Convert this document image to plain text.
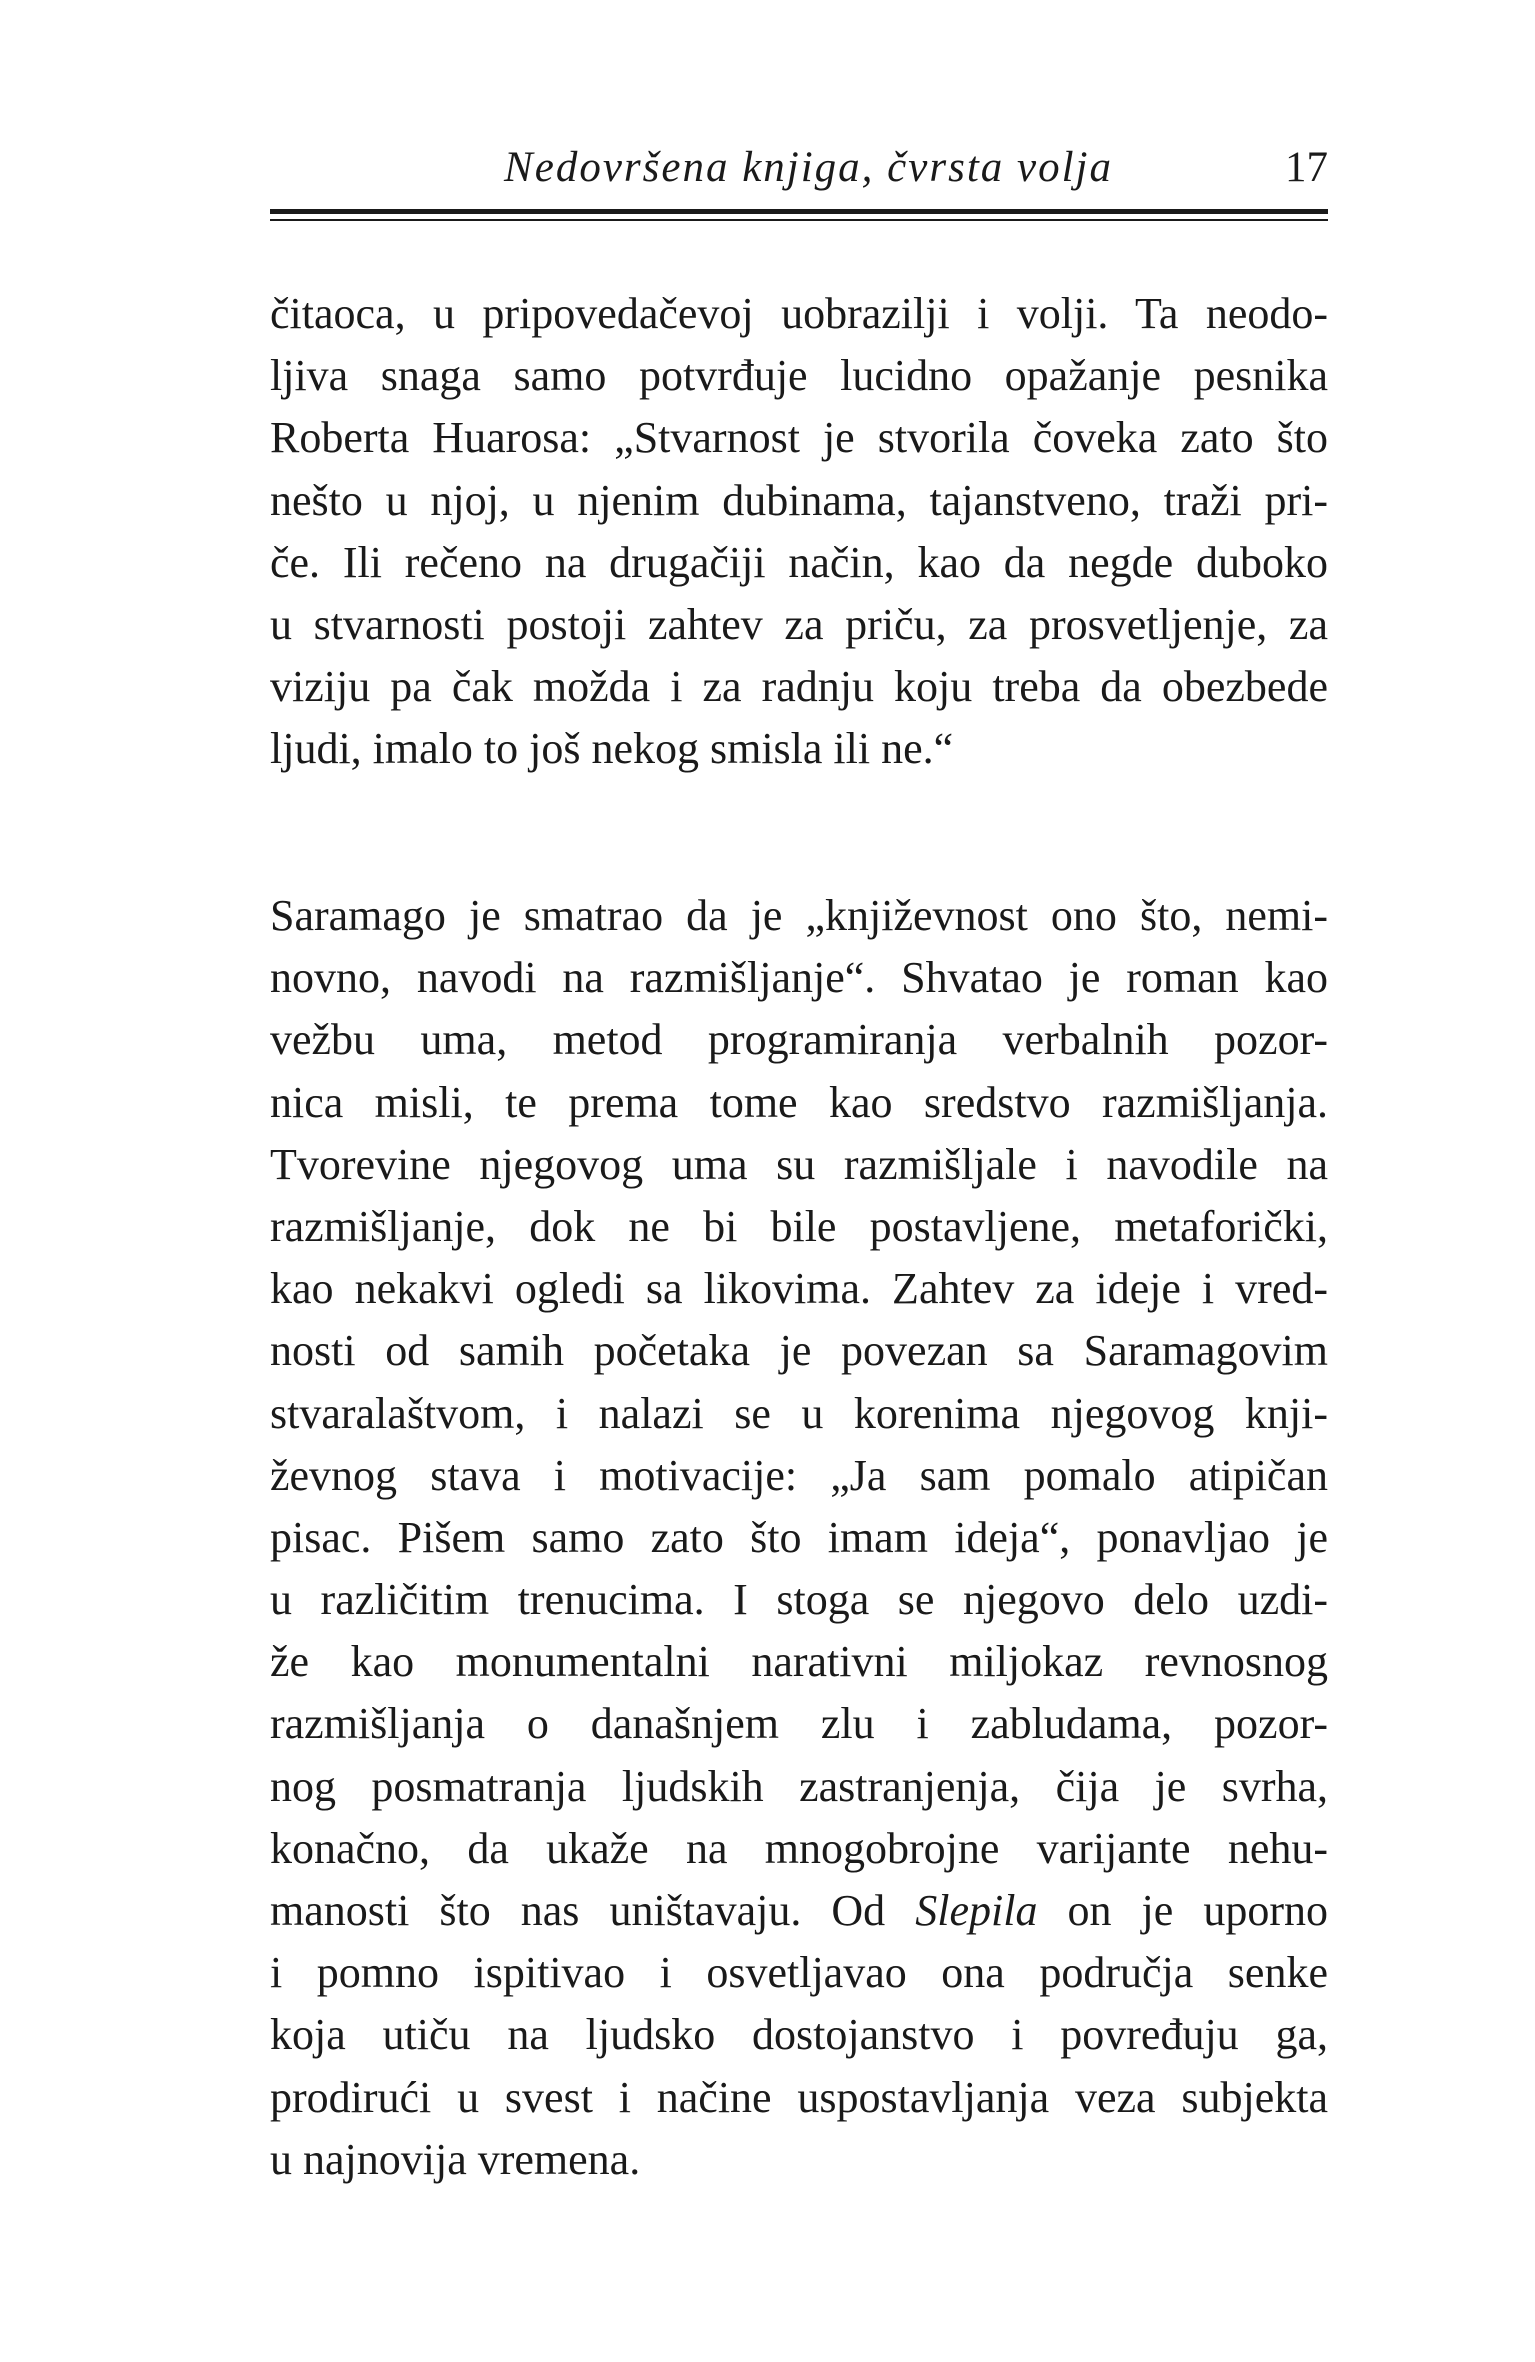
Nedovršena knjiga, čvrsta volja	17
čitaoca, u pripovedačevoj uobrazilji i volji. Ta neodo-
ljiva snaga samo potvrđuje lucidno opažanje pesnika
Roberta Huarosa: „Stvarnost je stvorila čoveka zato što
nešto u njoj, u njenim dubinama, tajanstveno, traži pri-
če. Ili rečeno na drugačiji način, kao da negde duboko
u stvarnosti postoji zahtev za priču, za prosvetljenje, za
viziju pa čak možda i za radnju koju treba da obezbede
ljudi, imalo to još nekog smisla ili ne.“
Saramago je smatrao da je „književnost ono što, nemi-
novno, navodi na razmišljanje“. Shvatao je roman kao
vežbu uma, metod programiranja verbalnih pozor-
nica misli, te prema tome kao sredstvo razmišljanja.
Tvorevine njegovog uma su razmišljale i navodile na
razmišljanje, dok ne bi bile postavljene, metaforički,
kao nekakvi ogledi sa likovima. Zahtev za ideje i vred-
nosti od samih početaka je povezan sa Saramagovim
stvaralaštvom, i nalazi se u korenima njegovog knji-
ževnog stava i motivacije: „Ja sam pomalo atipičan
pisac. Pišem samo zato što imam ideja“, ponavljao je
u različitim trenucima. I stoga se njegovo delo uzdi-
že kao monumentalni narativni miljokaz revnosnog
razmišljanja o današnjem zlu i zabludama, pozor-
nog posmatranja ljudskih zastranjenja, čija je svrha,
konačno, da ukaže na mnogobrojne varijante nehu-
manosti što nas uništavaju. Od Slepila on je uporno
i pomno ispitivao i osvetljavao ona područja senke
koja utiču na ljudsko dostojanstvo i povređuju ga,
prodirući u svest i načine uspostavljanja veza subjekta
u najnovija vremena.
